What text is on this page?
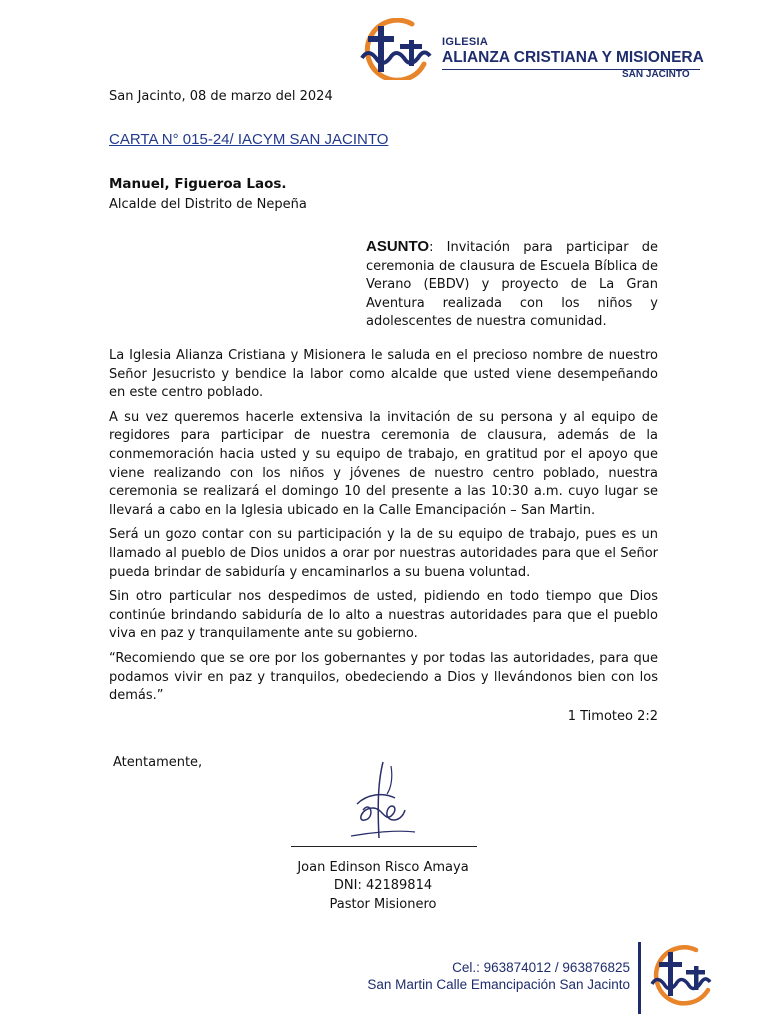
IGLESIA
ALIANZA CRISTIANA Y MISIONERA
SAN JACINTO
San Jacinto, 08 de marzo del 2024
CARTA N° 015-24/ IACYM SAN JACINTO
Manuel, Figueroa Laos.
Alcalde del Distrito de Nepeña
ASUNTO: Invitación para participar de ceremonia de clausura de Escuela Bíblica de Verano (EBDV) y proyecto de La Gran Aventura realizada con los niños y adolescentes de nuestra comunidad.

La Iglesia Alianza Cristiana y Misionera le saluda en el precioso nombre de nuestro Señor Jesucristo y bendice la labor como alcalde que usted viene desempeñando en este centro poblado.

A su vez queremos hacerle extensiva la invitación de su persona y al equipo de regidores para participar de nuestra ceremonia de clausura, además de la conmemoración hacia usted y su equipo de trabajo, en gratitud por el apoyo que viene realizando con los niños y jóvenes de nuestro centro poblado, nuestra ceremonia se realizará el domingo 10 del presente a las 10:30 a.m. cuyo lugar se llevará a cabo en la Iglesia ubicado en la Calle Emancipación – San Martin.

Será un gozo contar con su participación y la de su equipo de trabajo, pues es un llamado al pueblo de Dios unidos a orar por nuestras autoridades para que el Señor pueda brindar de sabiduría y encaminarlos a su buena voluntad.

Sin otro particular nos despedimos de usted, pidiendo en todo tiempo que Dios continúe brindando sabiduría de lo alto a nuestras autoridades para que el pueblo viva en paz y tranquilamente ante su gobierno.

“Recomiendo que se ore por los gobernantes y por todas las autoridades, para que podamos vivir en paz y tranquilos, obedeciendo a Dios y llevándonos bien con los demás.”

1 Timoteo 2:2

Atentamente,
Joan Edinson Risco Amaya
DNI: 42189814
Pastor Misionero
Cel.: 963874012 / 963876825
San Martin Calle Emancipación San Jacinto
